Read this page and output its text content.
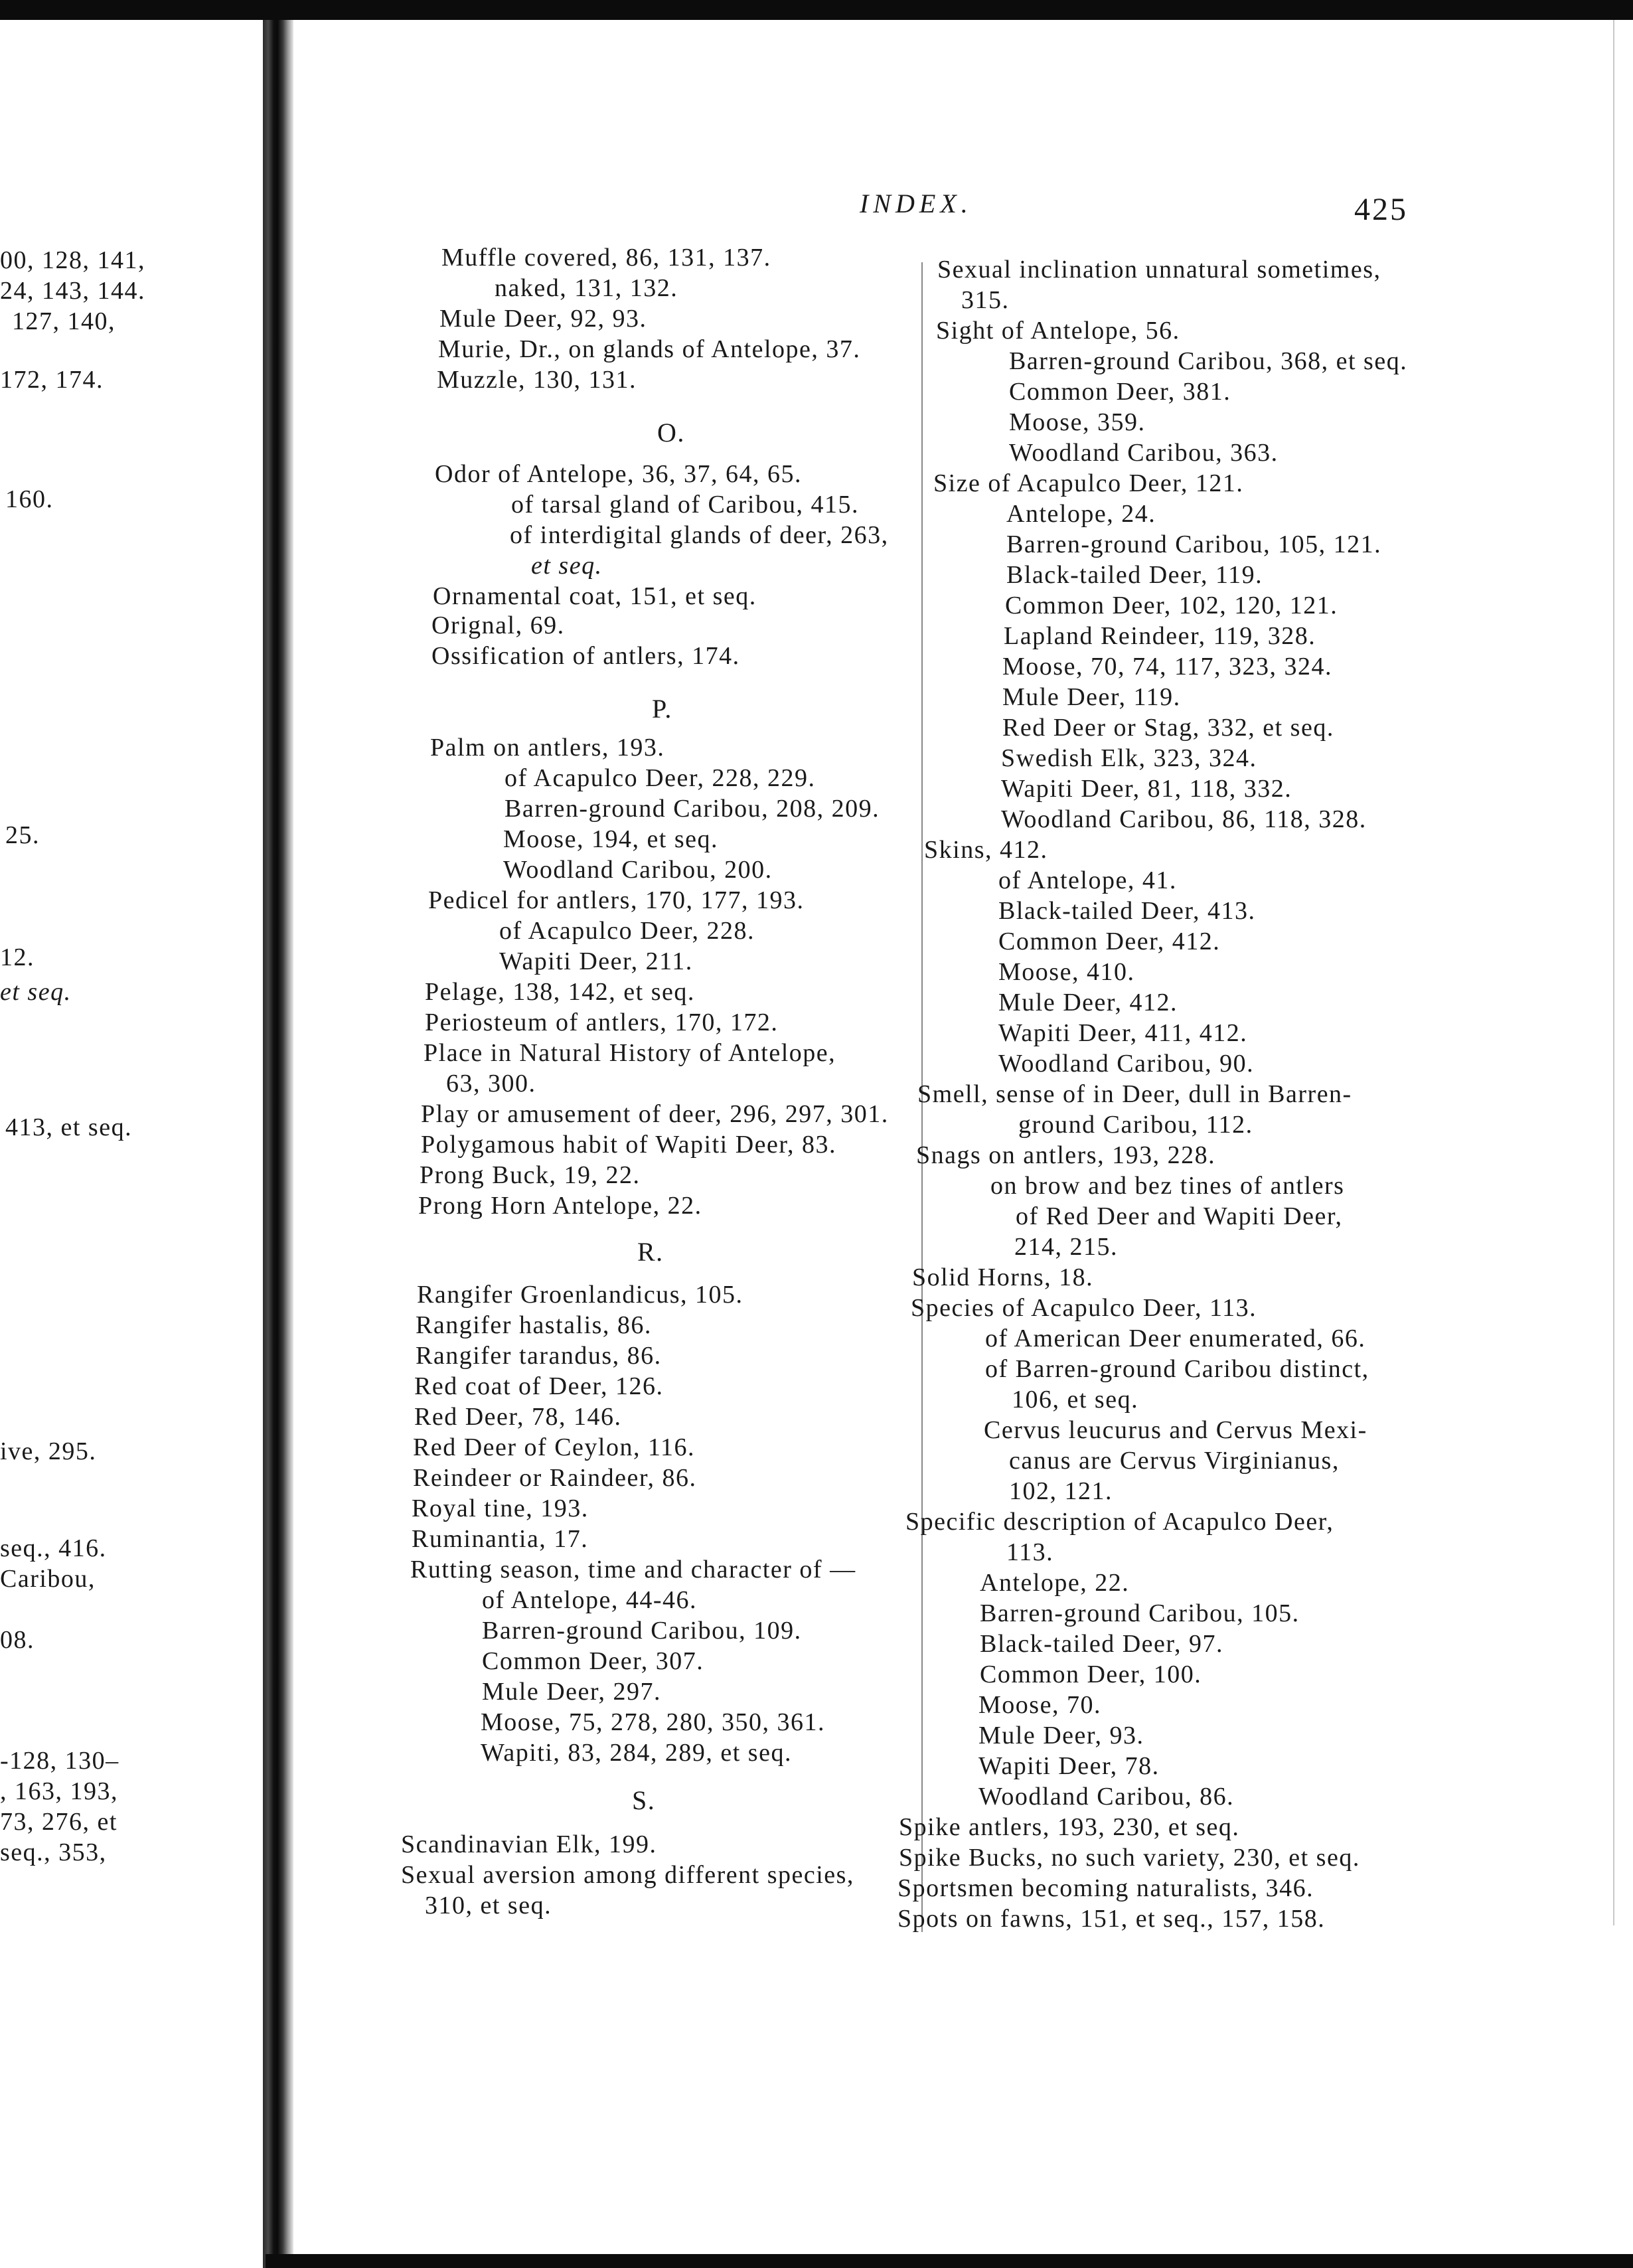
00, 128, 141,
24, 143, 144.
127, 140,
172, 174.
160.
25.
12.
et seq.
413, et seq.
ive, 295.
seq., 416.
Caribou,
08.
-128, 130–
, 163, 193,
73, 276, et
seq., 353,
INDEX.	425
Muffle covered, 86, 131, 137.
naked, 131, 132.
Mule Deer, 92, 93.
Murie, Dr., on glands of Antelope, 37.
Muzzle, 130, 131.
O.
Odor of Antelope, 36, 37, 64, 65.
of tarsal gland of Caribou, 415.
of interdigital glands of deer, 263,
et seq.
Ornamental coat, 151, et seq.
Orignal, 69.
Ossification of antlers, 174.
P.
Palm on antlers, 193.
of Acapulco Deer, 228, 229.
Barren-ground Caribou, 208, 209.
Moose, 194, et seq.
Woodland Caribou, 200.
Pedicel for antlers, 170, 177, 193.
of Acapulco Deer, 228.
Wapiti Deer, 211.
Pelage, 138, 142, et seq.
Periosteum of antlers, 170, 172.
Place in Natural History of Antelope,
63, 300.
Play or amusement of deer, 296, 297, 301.
Polygamous habit of Wapiti Deer, 83.
Prong Buck, 19, 22.
Prong Horn Antelope, 22.
R.
Rangifer Groenlandicus, 105.
Rangifer hastalis, 86.
Rangifer tarandus, 86.
Red coat of Deer, 126.
Red Deer, 78, 146.
Red Deer of Ceylon, 116.
Reindeer or Raindeer, 86.
Royal tine, 193.
Ruminantia, 17.
Rutting season, time and character of —
of Antelope, 44-46.
Barren-ground Caribou, 109.
Common Deer, 307.
Mule Deer, 297.
Moose, 75, 278, 280, 350, 361.
Wapiti, 83, 284, 289, et seq.
S.
Scandinavian Elk, 199.
Sexual aversion among different species,
310, et seq.
Sexual inclination unnatural sometimes,
315.
Sight of Antelope, 56.
Barren-ground Caribou, 368, et seq.
Common Deer, 381.
Moose, 359.
Woodland Caribou, 363.
Size of Acapulco Deer, 121.
Antelope, 24.
Barren-ground Caribou, 105, 121.
Black-tailed Deer, 119.
Common Deer, 102, 120, 121.
Lapland Reindeer, 119, 328.
Moose, 70, 74, 117, 323, 324.
Mule Deer, 119.
Red Deer or Stag, 332, et seq.
Swedish Elk, 323, 324.
Wapiti Deer, 81, 118, 332.
Woodland Caribou, 86, 118, 328.
Skins, 412.
of Antelope, 41.
Black-tailed Deer, 413.
Common Deer, 412.
Moose, 410.
Mule Deer, 412.
Wapiti Deer, 411, 412.
Woodland Caribou, 90.
Smell, sense of in Deer, dull in Barren-
ground Caribou, 112.
Snags on antlers, 193, 228.
on brow and bez tines of antlers
of Red Deer and Wapiti Deer,
214, 215.
Solid Horns, 18.
Species of Acapulco Deer, 113.
of American Deer enumerated, 66.
of Barren-ground Caribou distinct,
106, et seq.
Cervus leucurus and Cervus Mexi-
canus are Cervus Virginianus,
102, 121.
Specific description of Acapulco Deer,
113.
Antelope, 22.
Barren-ground Caribou, 105.
Black-tailed Deer, 97.
Common Deer, 100.
Moose, 70.
Mule Deer, 93.
Wapiti Deer, 78.
Woodland Caribou, 86.
Spike antlers, 193, 230, et seq.
Spike Bucks, no such variety, 230, et seq.
Sportsmen becoming naturalists, 346.
Spots on fawns, 151, et seq., 157, 158.
